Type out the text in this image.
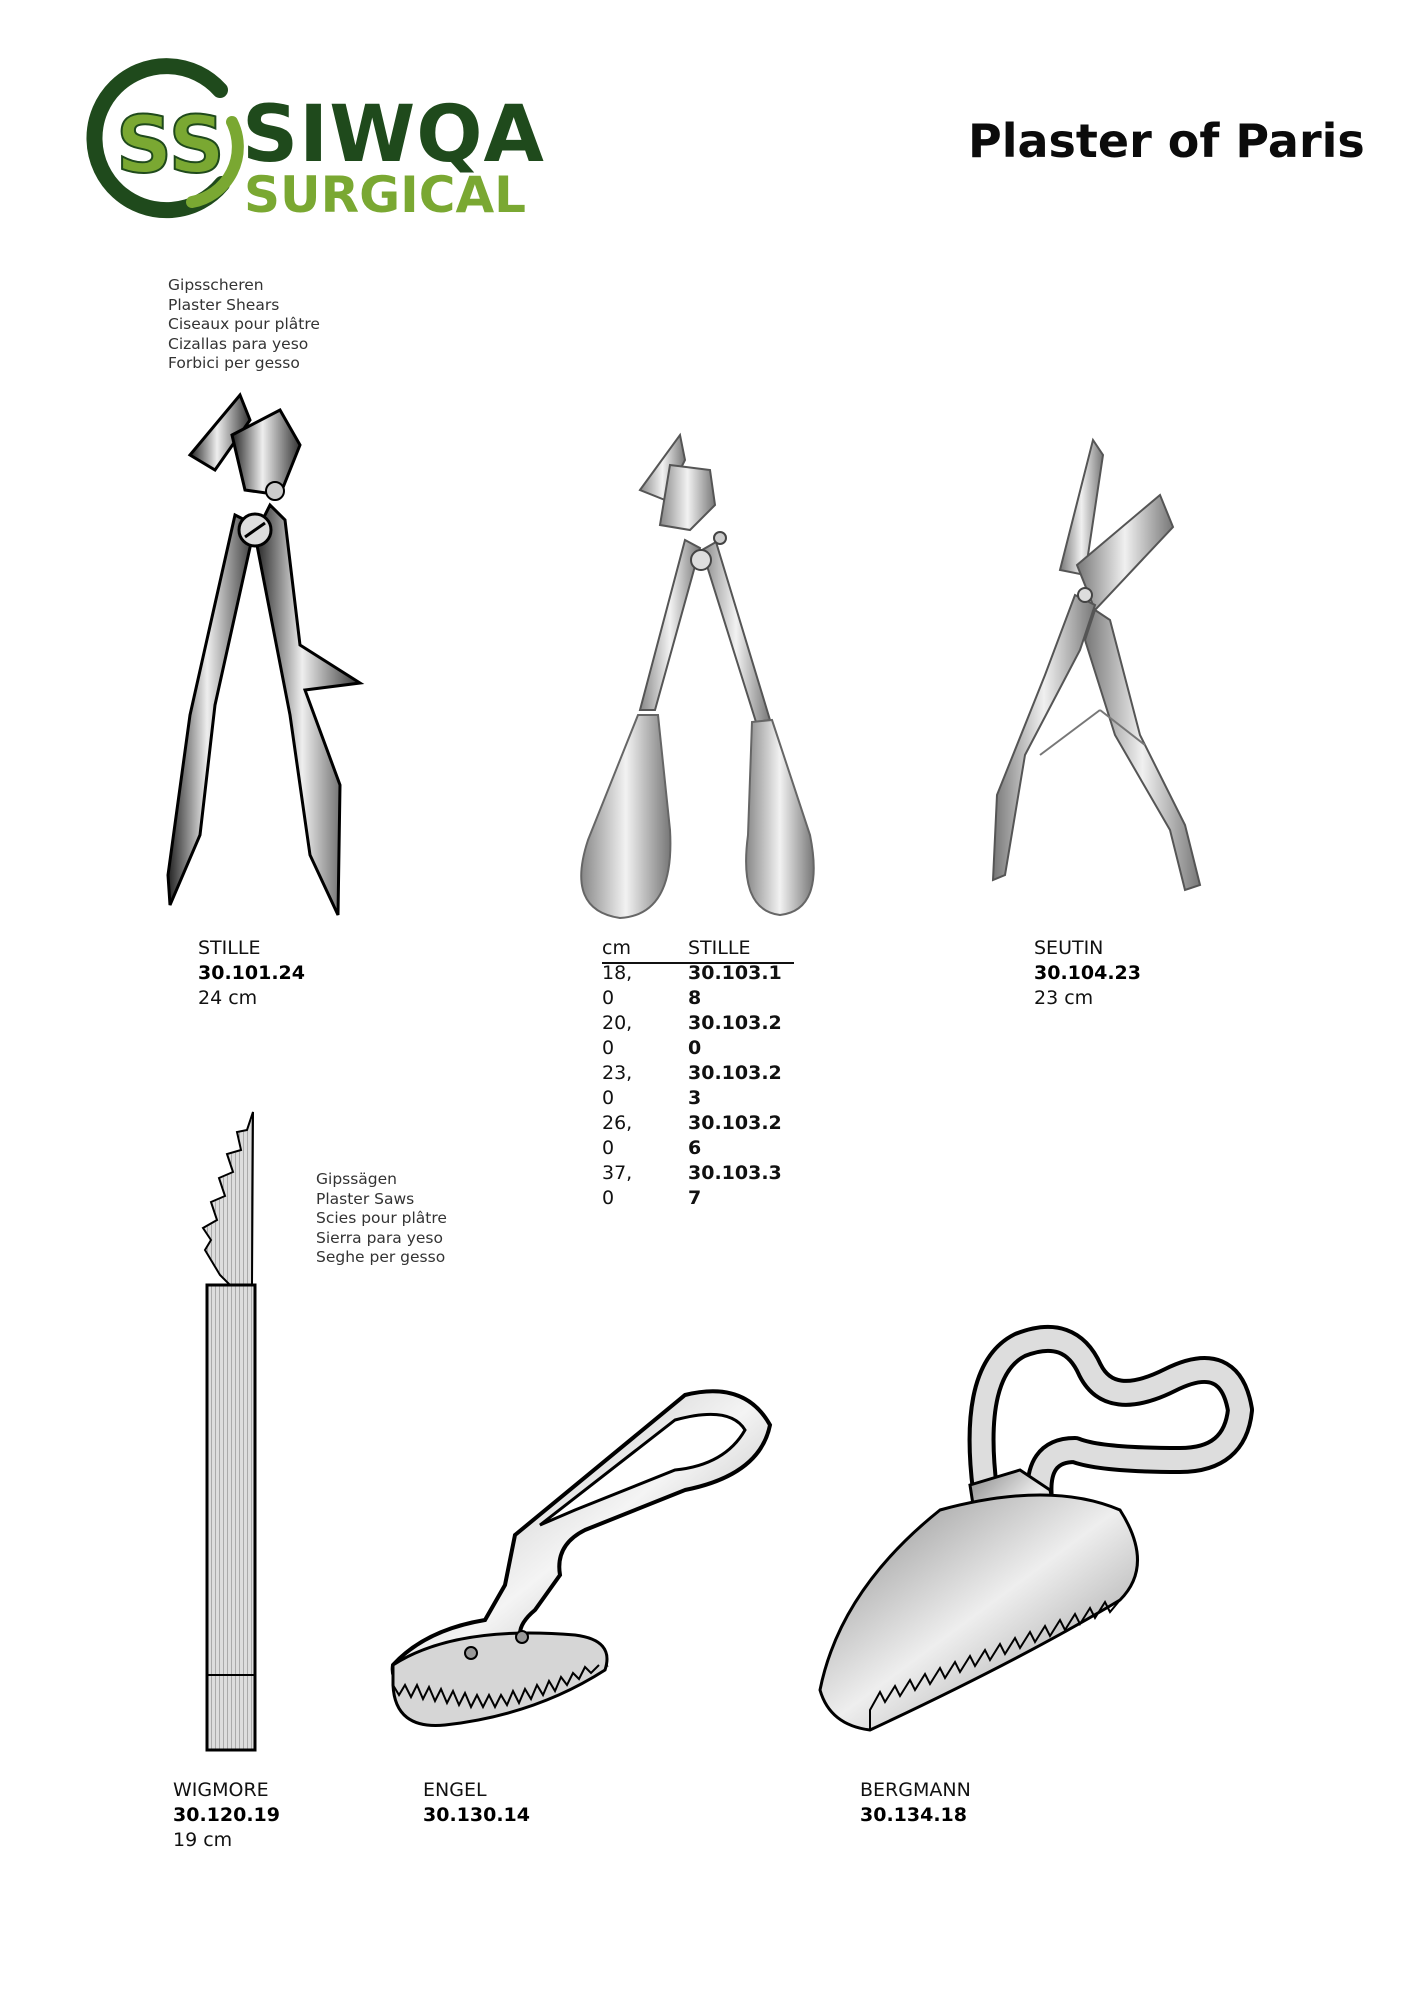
SS SIWQA
SURGICAL
Plaster of Paris
Gipsscheren
Plaster Shears
Ciseaux pour plâtre
Cizallas para yeso
Forbici per gesso
STILLE
30.101.24
24 cm
cm	STILLE
18,0
30.103.18
20,0
30.103.20
23,0
30.103.23
26,0
30.103.26
37,0
30.103.37
SEUTIN
30.104.23
23 cm
Gipssägen
Plaster Saws
Scies pour plâtre
Sierra para yeso
Seghe per gesso
WIGMORE
30.120.19
19 cm
ENGEL
30.130.14
BERGMANN
30.134.18
